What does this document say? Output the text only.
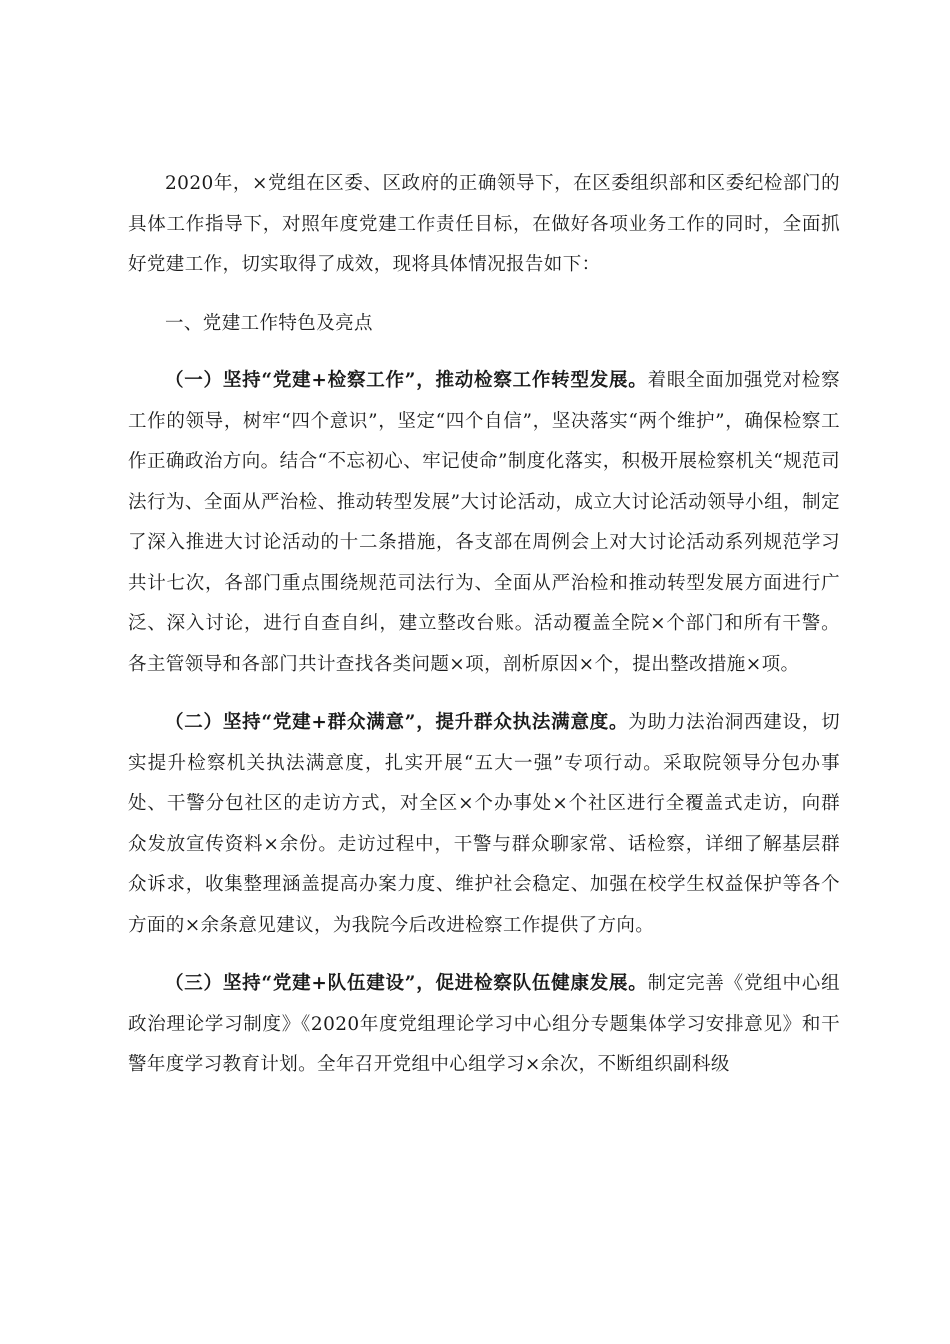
2020年，×党组在区委、区政府的正确领导下，在区委组织部和区委纪检部门的具体工作指导下，对照年度党建工作责任目标，在做好各项业务工作的同时，全面抓好党建工作，切实取得了成效，现将具体情况报告如下：

一、党建工作特色及亮点

（一）坚持“党建+检察工作”，推动检察工作转型发展。着眼全面加强党对检察工作的领导，树牢“四个意识”，坚定“四个自信”，坚决落实“两个维护”，确保检察工作正确政治方向。结合“不忘初心、牢记使命”制度化落实，积极开展检察机关“规范司法行为、全面从严治检、推动转型发展”大讨论活动，成立大讨论活动领导小组，制定了深入推进大讨论活动的十二条措施，各支部在周例会上对大讨论活动系列规范学习共计七次，各部门重点围绕规范司法行为、全面从严治检和推动转型发展方面进行广泛、深入讨论，进行自查自纠，建立整改台账。活动覆盖全院×个部门和所有干警。各主管领导和各部门共计查找各类问题×项，剖析原因×个，提出整改措施×项。

（二）坚持“党建+群众满意”，提升群众执法满意度。为助力法治洞西建设，切实提升检察机关执法满意度，扎实开展“五大一强”专项行动。采取院领导分包办事处、干警分包社区的走访方式，对全区×个办事处×个社区进行全覆盖式走访，向群众发放宣传资料×余份。走访过程中，干警与群众聊家常、话检察，详细了解基层群众诉求，收集整理涵盖提高办案力度、维护社会稳定、加强在校学生权益保护等各个方面的×余条意见建议，为我院今后改进检察工作提供了方向。

（三）坚持“党建+队伍建设”，促进检察队伍健康发展。制定完善《党组中心组政治理论学习制度》《2020年度党组理论学习中心组分专题集体学习安排意见》和干警年度学习教育计划。全年召开党组中心组学习×余次，不断组织副科级
